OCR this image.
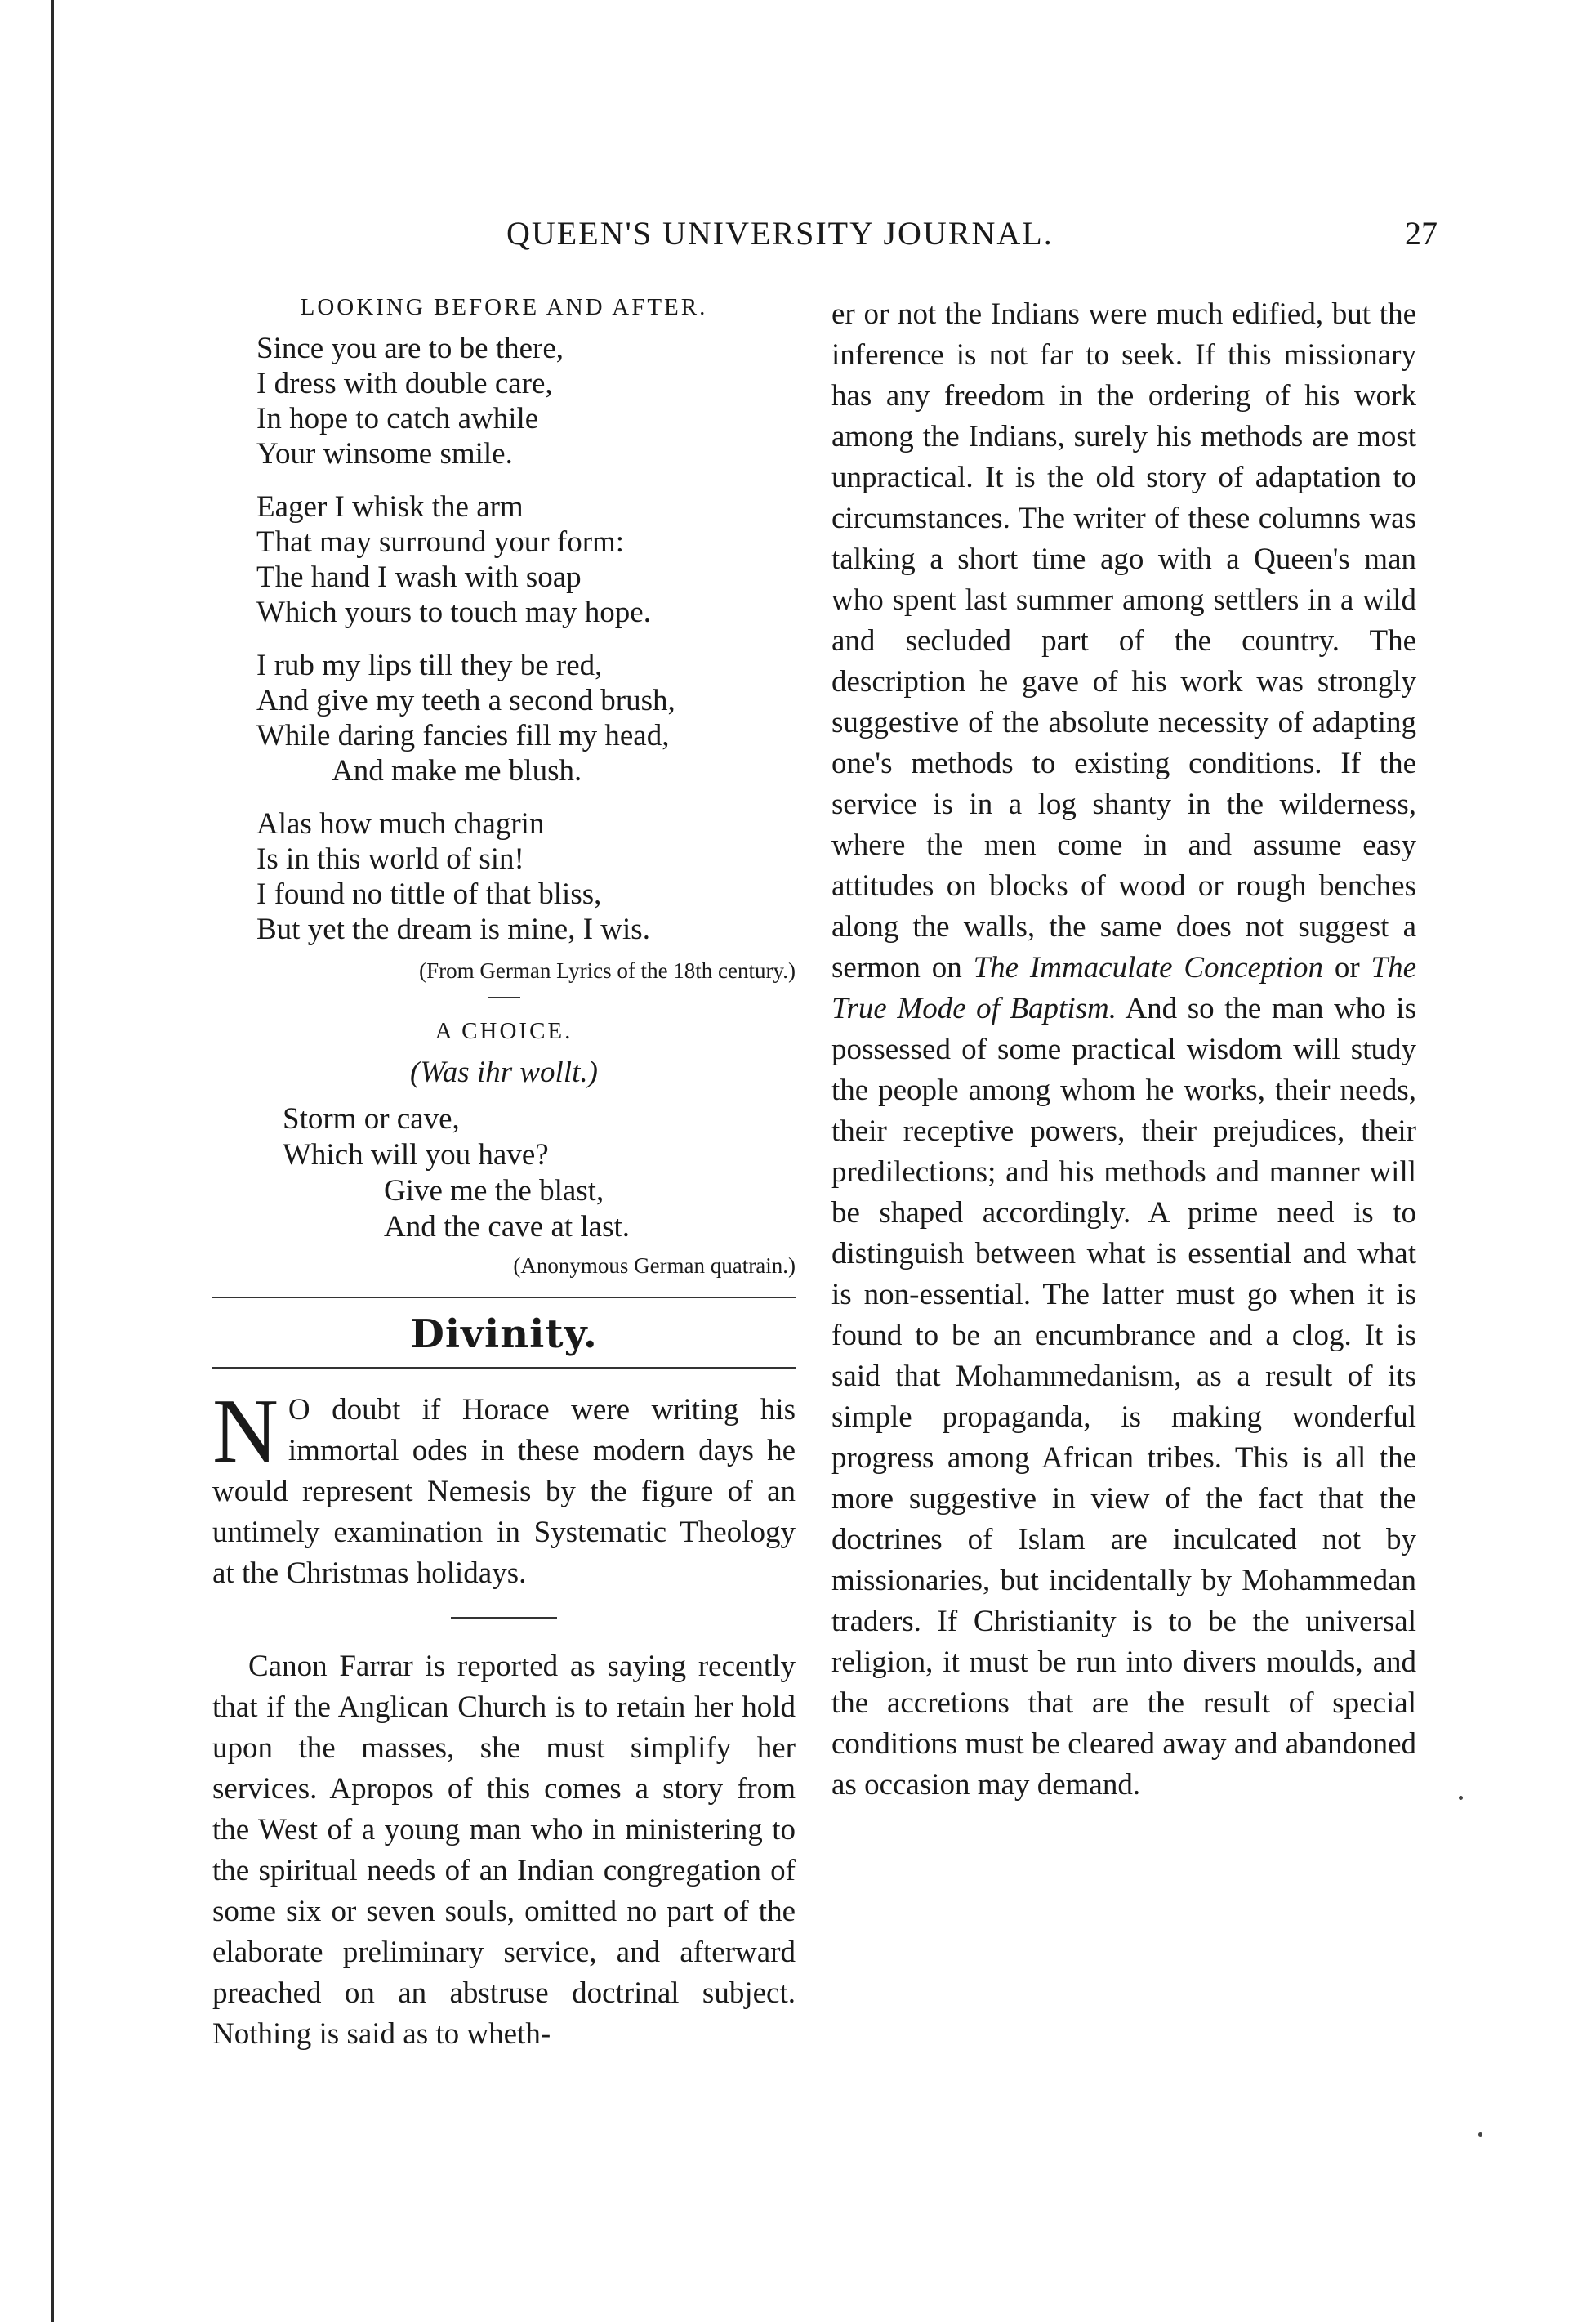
QUEEN'S UNIVERSITY JOURNAL.	27
LOOKING BEFORE AND AFTER.
Since you are to be there,
I dress with double care,
In hope to catch awhile
Your winsome smile.
Eager I whisk the arm
That may surround your form:
The hand I wash with soap
Which yours to touch may hope.
I rub my lips till they be red,
And give my teeth a second brush,
While daring fancies fill my head,
And make me blush.
Alas how much chagrin
Is in this world of sin!
I found no tittle of that bliss,
But yet the dream is mine, I wis.
(From German Lyrics of the 18th century.)
A CHOICE.
(Was ihr wollt.)
Storm or cave,
Which will you have?
Give me the blast,
And the cave at last.
(Anonymous German quatrain.)
Divinity.

N O doubt if Horace were writing his immortal odes in these modern days he would represent Nemesis by the figure of an untimely examination in Systematic Theology at the Christmas holidays.

Canon Farrar is reported as saying recently that if the Anglican Church is to retain her hold upon the masses, she must simplify her services. Apropos of this comes a story from the West of a young man who in ministering to the spiritual needs of an Indian congregation of some six or seven souls, omitted no part of the elaborate preliminary service, and afterward preached on an abstruse doctrinal subject. Nothing is said as to wheth-

er or not the Indians were much edified, but the inference is not far to seek. If this missionary has any freedom in the ordering of his work among the Indians, surely his methods are most unpractical. It is the old story of adaptation to circumstances. The writer of these columns was talking a short time ago with a Queen's man who spent last summer among settlers in a wild and secluded part of the country. The description he gave of his work was strongly suggestive of the absolute necessity of adapting one's methods to existing conditions. If the service is in a log shanty in the wilderness, where the men come in and assume easy attitudes on blocks of wood or rough benches along the walls, the same does not suggest a sermon on The Immaculate Conception or The True Mode of Baptism. And so the man who is possessed of some practical wisdom will study the people among whom he works, their needs, their receptive powers, their prejudices, their predilections; and his methods and manner will be shaped accordingly. A prime need is to distinguish between what is essential and what is non-essential. The latter must go when it is found to be an encumbrance and a clog. It is said that Mohammedanism, as a result of its simple propaganda, is making wonderful progress among African tribes. This is all the more suggestive in view of the fact that the doctrines of Islam are inculcated not by missionaries, but incidentally by Mohammedan traders. If Christianity is to be the universal religion, it must be run into divers moulds, and the accretions that are the result of special conditions must be cleared away and abandoned as occasion may demand.
